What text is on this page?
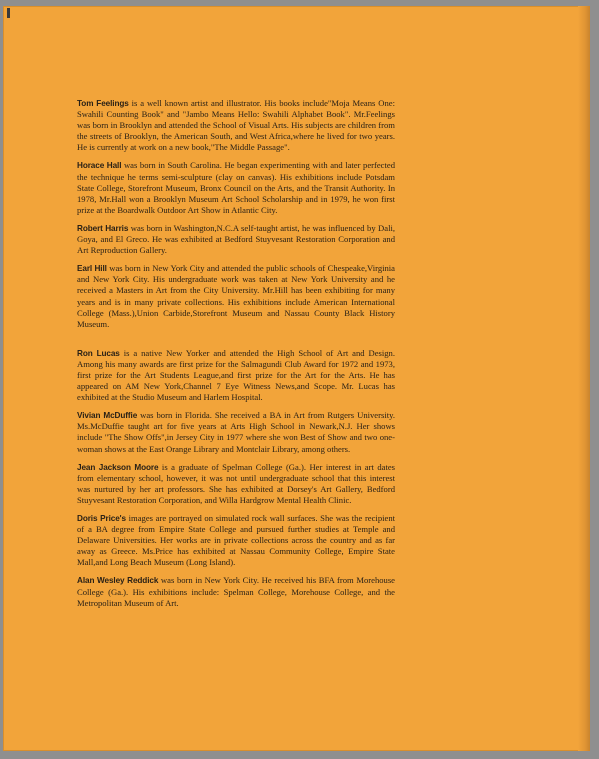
Tom Feelings is a well known artist and illustrator. His books include"Moja Means One: Swahili Counting Book" and "Jambo Means Hello: Swahili Alphabet Book". Mr.Feelings was born in Brooklyn and attended the School of Visual Arts. His subjects are children from the streets of Brooklyn, the American South, and West Africa,where he lived for two years. He is currently at work on a new book,"The Middle Passage".

Horace Hall was born in South Carolina. He began experimenting with and later perfected the technique he terms semi-sculpture (clay on canvas). His exhibitions include Potsdam State College, Storefront Museum, Bronx Council on the Arts, and the Transit Authority. In 1978, Mr.Hall won a Brooklyn Museum Art School Scholarship and in 1979, he won first prize at the Boardwalk Outdoor Art Show in Atlantic City.

Robert Harris was born in Washington,N.C.A self-taught artist, he was influenced by Dali, Goya, and El Greco. He was exhibited at Bedford Stuyvesant Restoration Corporation and Art Reproduction Gallery.

Earl Hill was born in New York City and attended the public schools of Chespeake,Virginia and New York City. His undergraduate work was taken at New York University and he received a Masters in Art from the City University. Mr.Hill has been exhibiting for many years and is in many private collections. His exhibitions include American International College (Mass.),Union Carbide,Storefront Museum and Nassau County Black History Museum.

Ron Lucas is a native New Yorker and attended the High School of Art and Design. Among his many awards are first prize for the Salmagundi Club Award for 1972 and 1973, first prize for the Art Students League,and first prize for the Art for the Arts. He has appeared on AM New York,Channel 7 Eye Witness News,and Scope. Mr. Lucas has exhibited at the Studio Museum and Harlem Hospital.

Vivian McDuffie was born in Florida. She received a BA in Art from Rutgers University. Ms.McDuffie taught art for five years at Arts High School in Newark,N.J. Her shows include "The Show Offs",in Jersey City in 1977 where she won Best of Show and two one-woman shows at the East Orange Library and Montclair Library, among others.

Jean Jackson Moore is a graduate of Spelman College (Ga.). Her interest in art dates from elementary school, however, it was not until undergraduate school that this interest was nurtured by her art professors. She has exhibited at Dorsey's Art Gallery, Bedford Stuyvesant Restoration Corporation, and Willa Hardgrow Mental Health Clinic.

Doris Price's images are portrayed on simulated rock wall surfaces. She was the recipient of a BA degree from Empire State College and pursued further studies at Temple and Delaware Universities. Her works are in private collections across the country and as far away as Greece. Ms.Price has exhibited at Nassau Community College, Empire State Mall,and Long Beach Museum (Long Island).

Alan Wesley Reddick was born in New York City. He received his BFA from Morehouse College (Ga.). His exhibitions include: Spelman College, Morehouse College, and the Metropolitan Museum of Art.
